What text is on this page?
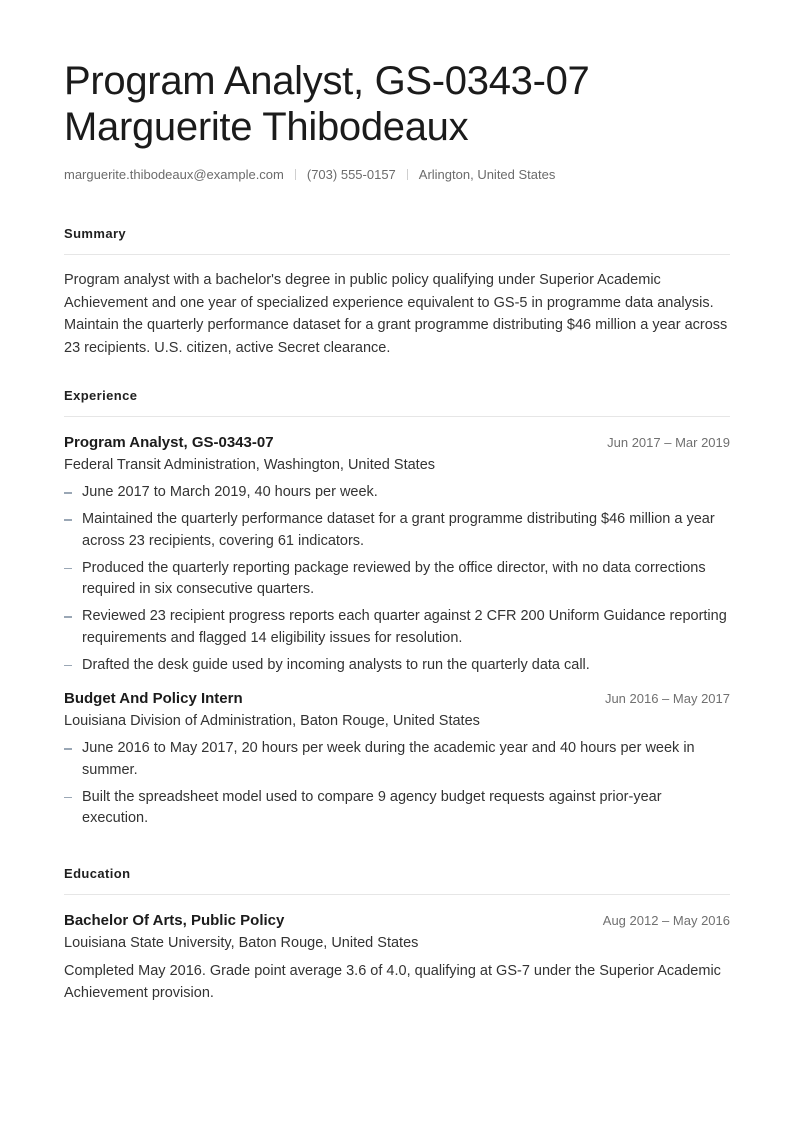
Program Analyst, GS-0343-07
Marguerite Thibodeaux
marguerite.thibodeaux@example.com (703) 555-0157 Arlington, United States
Summary

Program analyst with a bachelor's degree in public policy qualifying under Superior Academic Achievement and one year of specialized experience equivalent to GS-5 in programme data analysis. Maintain the quarterly performance dataset for a grant programme distributing $46 million a year across 23 recipients. U.S. citizen, active Secret clearance.

Experience
Program Analyst, GS-0343-07	Jun 2017 – Mar 2019
Federal Transit Administration, Washington, United States
June 2017 to March 2019, 40 hours per week.
Maintained the quarterly performance dataset for a grant programme distributing $46 million a year across 23 recipients, covering 61 indicators.
Produced the quarterly reporting package reviewed by the office director, with no data corrections required in six consecutive quarters.
Reviewed 23 recipient progress reports each quarter against 2 CFR 200 Uniform Guidance reporting requirements and flagged 14 eligibility issues for resolution.
Drafted the desk guide used by incoming analysts to run the quarterly data call.
Budget And Policy Intern	Jun 2016 – May 2017
Louisiana Division of Administration, Baton Rouge, United States
June 2016 to May 2017, 20 hours per week during the academic year and 40 hours per week in summer.
Built the spreadsheet model used to compare 9 agency budget requests against prior-year execution.
Education
Bachelor Of Arts, Public Policy	Aug 2012 – May 2016
Louisiana State University, Baton Rouge, United States

Completed May 2016. Grade point average 3.6 of 4.0, qualifying at GS-7 under the Superior Academic Achievement provision.
